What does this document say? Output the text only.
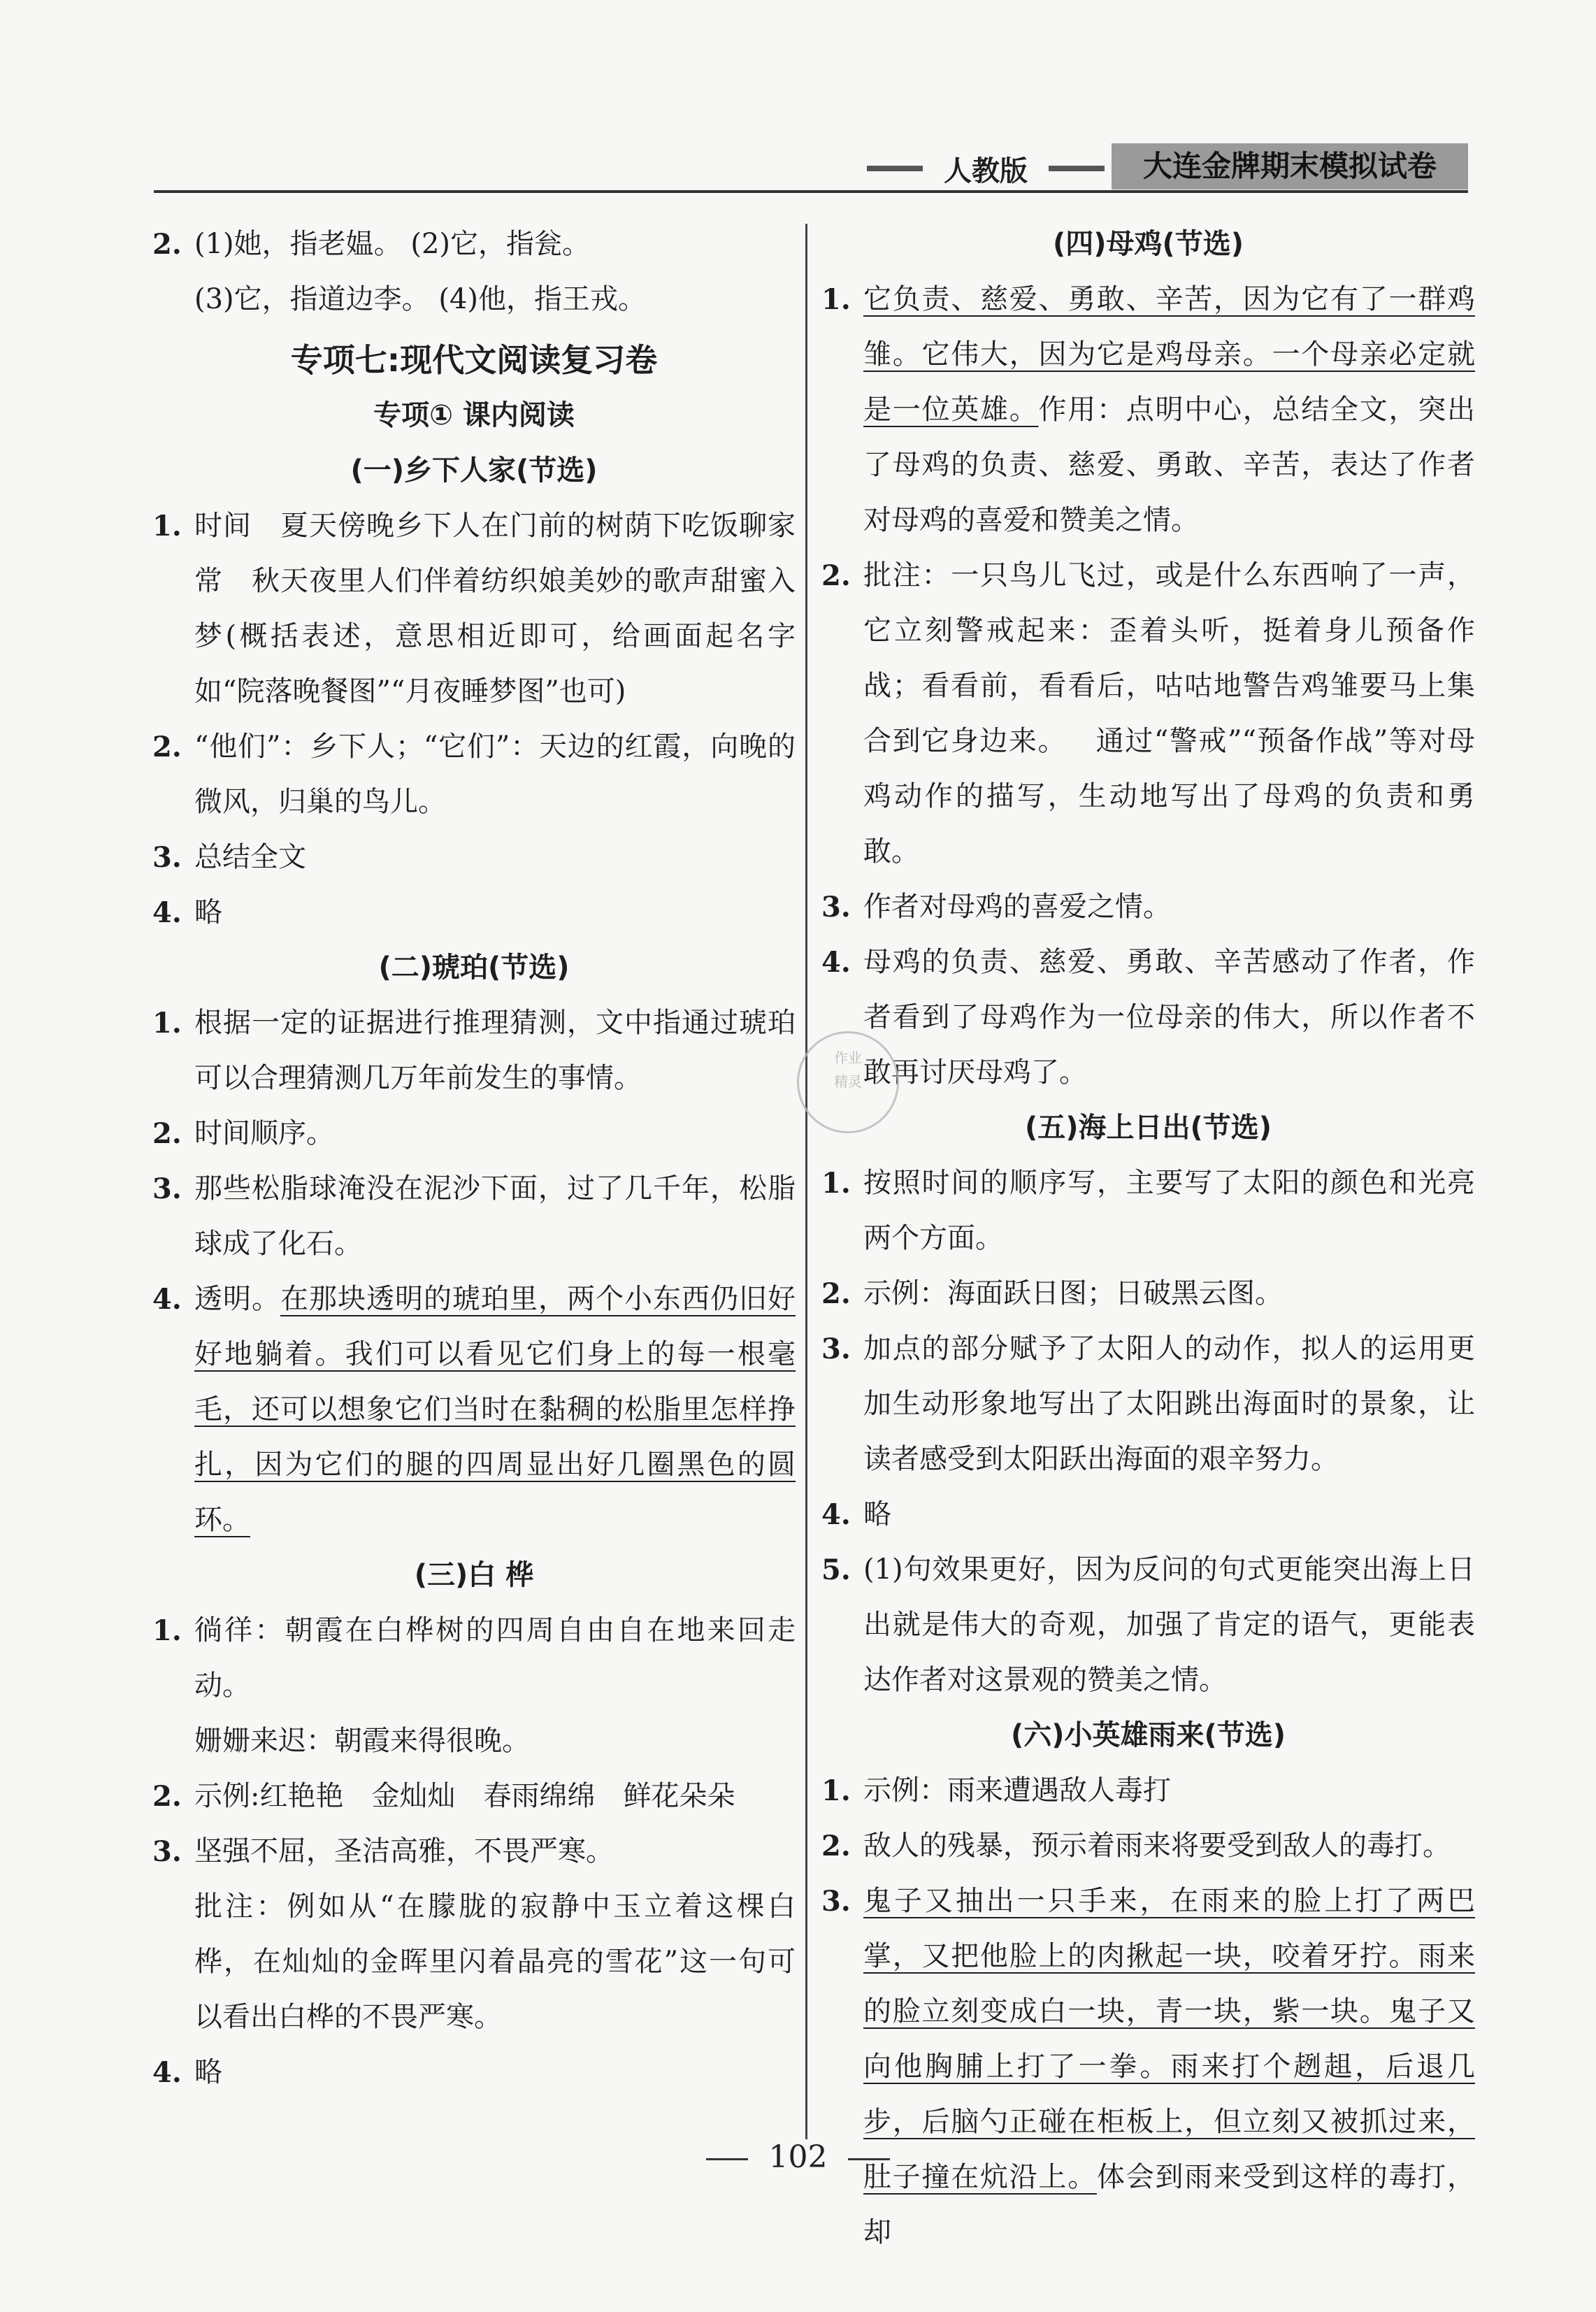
人教版	大连金牌期末模拟试卷
2. (1)她，指老媪。 (2)它，指瓮。
(3)它，指道边李。 (4)他，指王戎。
专项七:现代文阅读复习卷
专项① 课内阅读
(一)乡下人家(节选)
1. 时间 夏天傍晚乡下人在门前的树荫下吃饭聊家常 秋天夜里人们伴着纺织娘美妙的歌声甜蜜入梦(概括表述，意思相近即可，给画面起名字如“院落晚餐图”“月夜睡梦图”也可)
2. “他们”：乡下人；“它们”：天边的红霞，向晚的微风，归巢的鸟儿。
3. 总结全文
4. 略
(二)琥珀(节选)
1. 根据一定的证据进行推理猜测，文中指通过琥珀可以合理猜测几万年前发生的事情。
2. 时间顺序。
3. 那些松脂球淹没在泥沙下面，过了几千年，松脂球成了化石。
4. 透明。在那块透明的琥珀里，两个小东西仍旧好好地躺着。我们可以看见它们身上的每一根毫毛，还可以想象它们当时在黏稠的松脂里怎样挣扎，因为它们的腿的四周显出好几圈黑色的圆环。
(三)白 桦
1. 徜徉：朝霞在白桦树的四周自由自在地来回走动。
姗姗来迟：朝霞来得很晚。
2. 示例:红艳艳 金灿灿 春雨绵绵 鲜花朵朵
3. 坚强不屈，圣洁高雅，不畏严寒。
批注：例如从“在朦胧的寂静中玉立着这棵白桦，在灿灿的金晖里闪着晶亮的雪花”这一句可以看出白桦的不畏严寒。
4. 略
(四)母鸡(节选)
1. 它负责、慈爱、勇敢、辛苦，因为它有了一群鸡雏。它伟大，因为它是鸡母亲。一个母亲必定就是一位英雄。作用：点明中心，总结全文，突出了母鸡的负责、慈爱、勇敢、辛苦，表达了作者对母鸡的喜爱和赞美之情。
2. 批注：一只鸟儿飞过，或是什么东西响了一声，它立刻警戒起来：歪着头听，挺着身儿预备作战；看看前，看看后，咕咕地警告鸡雏要马上集合到它身边来。 通过“警戒”“预备作战”等对母鸡动作的描写，生动地写出了母鸡的负责和勇敢。
3. 作者对母鸡的喜爱之情。
4. 母鸡的负责、慈爱、勇敢、辛苦感动了作者，作者看到了母鸡作为一位母亲的伟大，所以作者不敢再讨厌母鸡了。
(五)海上日出(节选)
1. 按照时间的顺序写，主要写了太阳的颜色和光亮两个方面。
2. 示例：海面跃日图；日破黑云图。
3. 加点的部分赋予了太阳人的动作，拟人的运用更加生动形象地写出了太阳跳出海面时的景象，让读者感受到太阳跃出海面的艰辛努力。
4. 略
5. (1)句效果更好，因为反问的句式更能突出海上日出就是伟大的奇观，加强了肯定的语气，更能表达作者对这景观的赞美之情。
(六)小英雄雨来(节选)
1. 示例：雨来遭遇敌人毒打
2. 敌人的残暴，预示着雨来将要受到敌人的毒打。
3. 鬼子又抽出一只手来，在雨来的脸上打了两巴掌，又把他脸上的肉揪起一块，咬着牙拧。雨来的脸立刻变成白一块，青一块，紫一块。鬼子又向他胸脯上打了一拳。雨来打个趔趄，后退几步，后脑勺正碰在柜板上，但立刻又被抓过来，肚子撞在炕沿上。体会到雨来受到这样的毒打，却
作业
精灵
102
